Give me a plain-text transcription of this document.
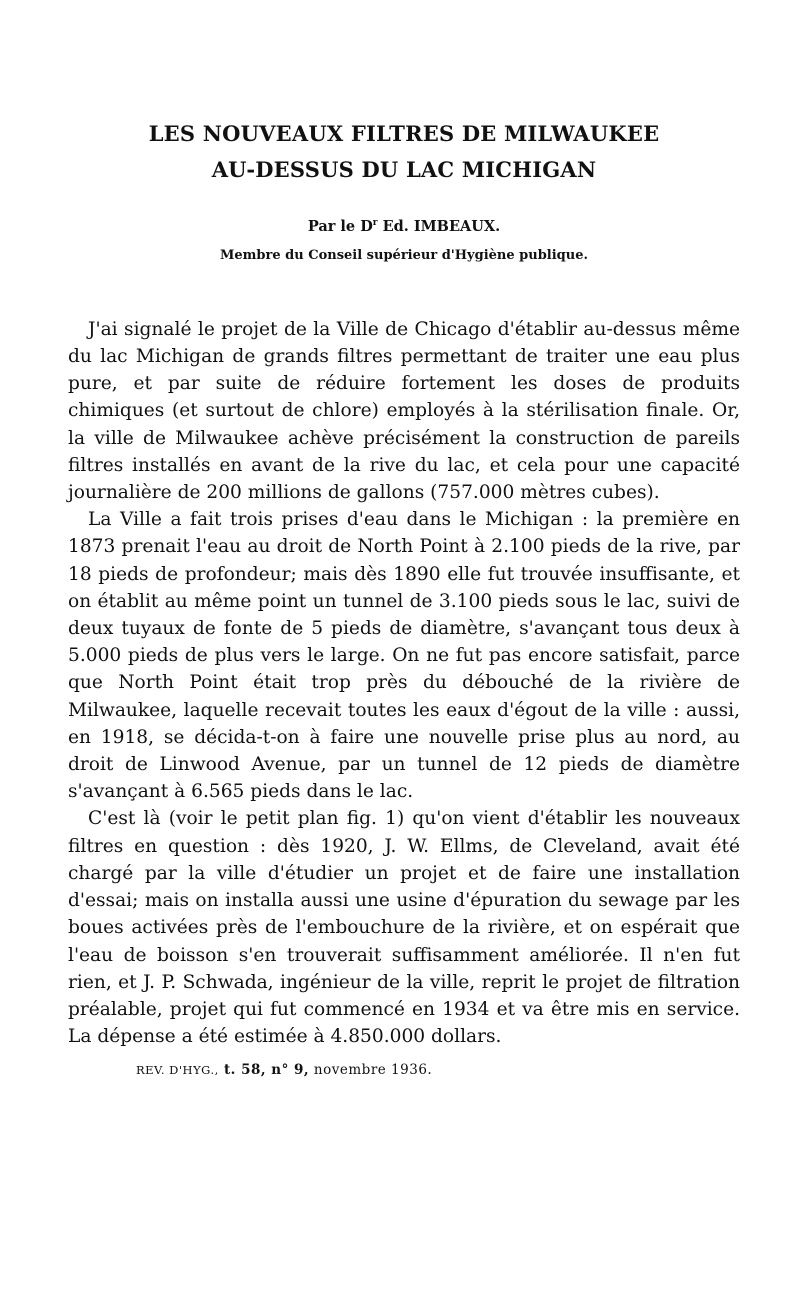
LES NOUVEAUX FILTRES DE MILWAUKEE
AU-DESSUS DU LAC MICHIGAN
Par le $D^r$ Ed. IMBEAUX.
Membre du Conseil supérieur d'Hygiène publique.

J'ai signalé le projet de la Ville de Chicago d'établir au-dessus même du lac Michigan de grands filtres permettant de traiter une eau plus pure, et par suite de réduire fortement les doses de produits chimiques (et surtout de chlore) employés à la stérilisation finale. Or, la ville de Milwaukee achève précisément la construction de pareils filtres installés en avant de la rive du lac, et cela pour une capacité journalière de 200 millions de gallons (757.000 mètres cubes).

La Ville a fait trois prises d'eau dans le Michigan : la première en 1873 prenait l'eau au droit de North Point à 2.100 pieds de la rive, par 18 pieds de profondeur; mais dès 1890 elle fut trouvée insuffisante, et on établit au même point un tunnel de 3.100 pieds sous le lac, suivi de deux tuyaux de fonte de 5 pieds de diamètre, s'avançant tous deux à 5.000 pieds de plus vers le large. On ne fut pas encore satisfait, parce que North Point était trop près du débouché de la rivière de Milwaukee, laquelle recevait toutes les eaux d'égout de la ville : aussi, en 1918, se décida-t-on à faire une nouvelle prise plus au nord, au droit de Linwood Avenue, par un tunnel de 12 pieds de diamètre s'avançant à 6.565 pieds dans le lac.

C'est là (voir le petit plan fig. 1) qu'on vient d'établir les nouveaux filtres en question : dès 1920, J. W. Ellms, de Cleveland, avait été chargé par la ville d'étudier un projet et de faire une installation d'essai; mais on installa aussi une usine d'épuration du sewage par les boues activées près de l'embouchure de la rivière, et on espérait que l'eau de boisson s'en trouverait suffisamment améliorée. Il n'en fut rien, et J. P. Schwada, ingénieur de la ville, reprit le projet de filtration préalable, projet qui fut commencé en 1934 et va être mis en service. La dépense a été estimée à 4.850.000 dollars.

REV. D'HYG., t. 58, n° 9, novembre 1936.
